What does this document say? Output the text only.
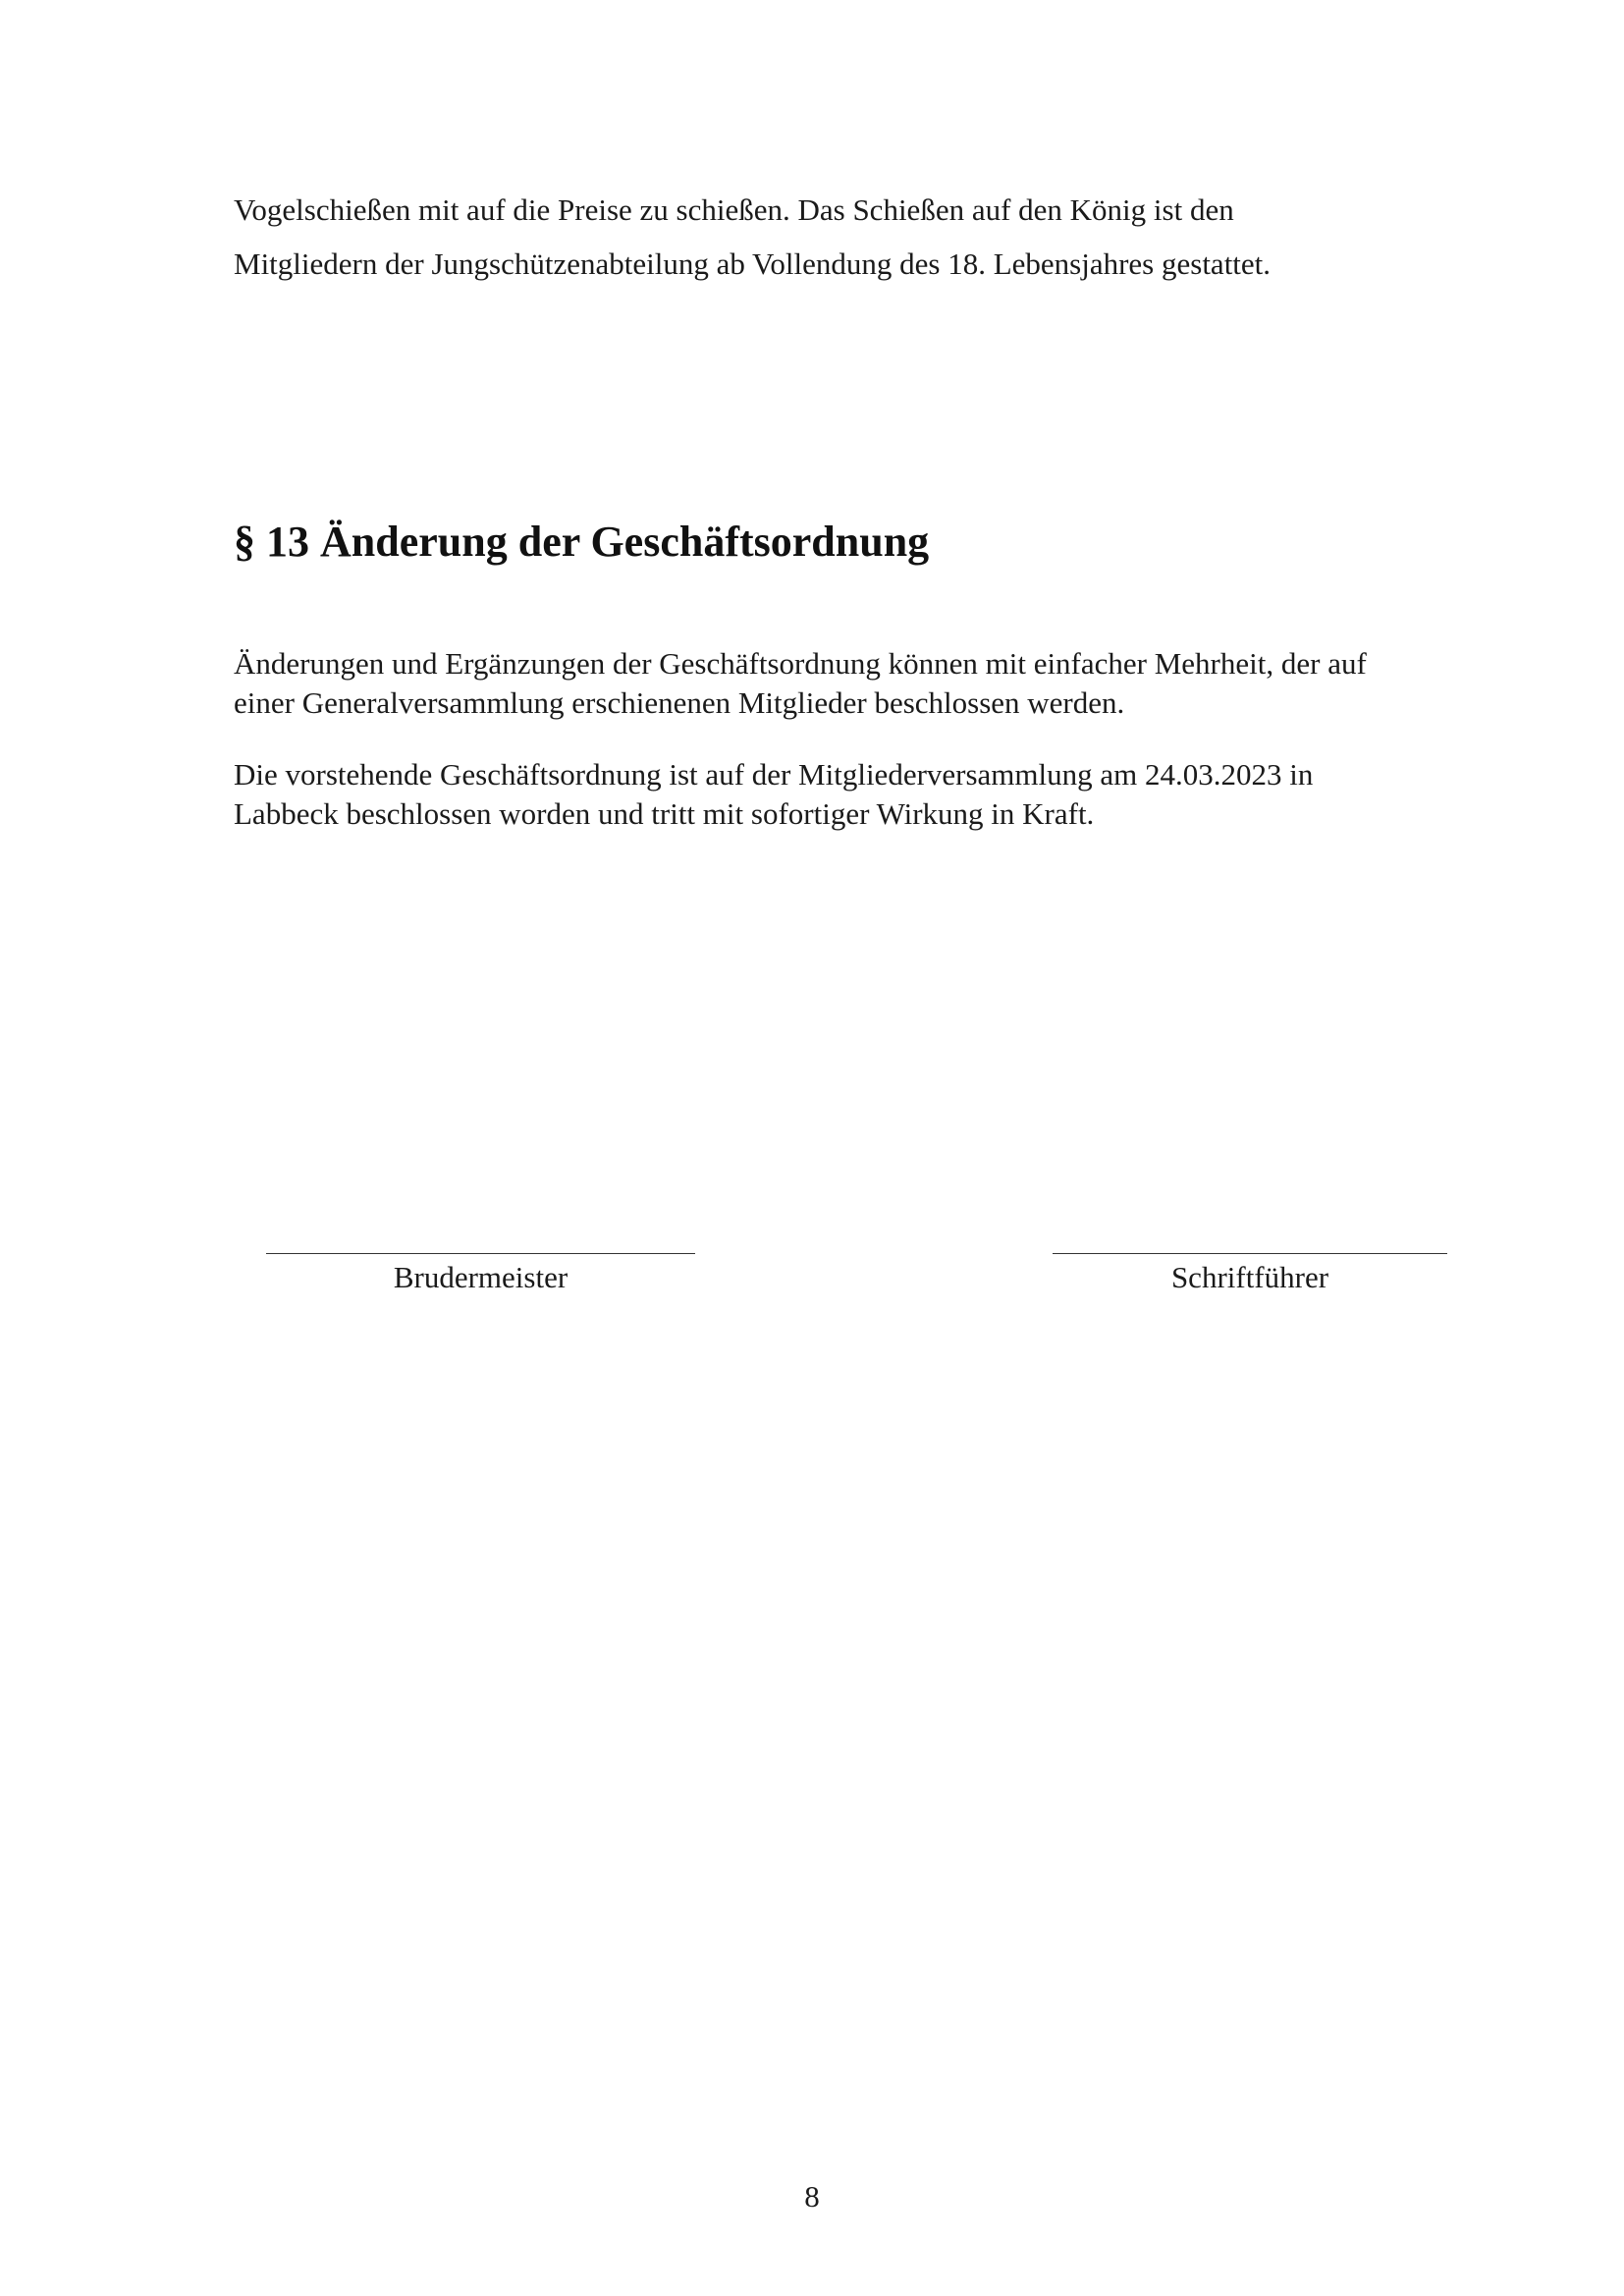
Vogelschießen mit auf die Preise zu schießen. Das Schießen auf den König ist den
Mitgliedern der Jungschützenabteilung ab Vollendung des 18. Lebensjahres gestattet.

§ 13 Änderung der Geschäftsordnung

Änderungen und Ergänzungen der Geschäftsordnung können mit einfacher Mehrheit, der auf
einer Generalversammlung erschienenen Mitglieder beschlossen werden.

Die vorstehende Geschäftsordnung ist auf der Mitgliederversammlung am 24.03.2023 in
Labbeck beschlossen worden und tritt mit sofortiger Wirkung in Kraft.

Brudermeister	Schriftführer
8
